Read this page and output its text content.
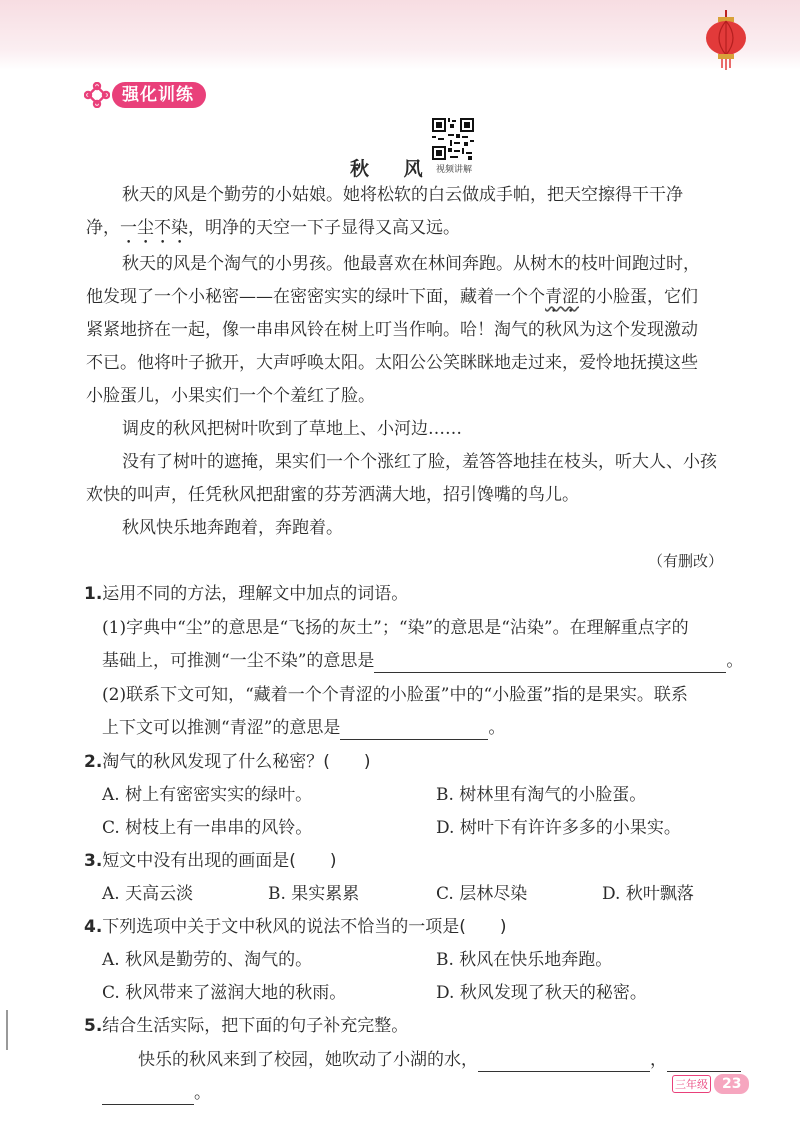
强化训练
视频讲解
秋 风
秋天的风是个勤劳的小姑娘。她将松软的白云做成手帕，把天空擦得干干净
净，一尘不染，明净的天空一下子显得又高又远。
秋天的风是个淘气的小男孩。他最喜欢在林间奔跑。从树木的枝叶间跑过时，
他发现了一个小秘密——在密密实实的绿叶下面，藏着一个个青涩的小脸蛋，它们
紧紧地挤在一起，像一串串风铃在树上叮当作响。哈！淘气的秋风为这个发现激动
不已。他将叶子掀开，大声呼唤太阳。太阳公公笑眯眯地走过来，爱怜地抚摸这些
小脸蛋儿，小果实们一个个羞红了脸。
调皮的秋风把树叶吹到了草地上、小河边……
没有了树叶的遮掩，果实们一个个涨红了脸，羞答答地挂在枝头，听大人、小孩
欢快的叫声，任凭秋风把甜蜜的芬芳洒满大地，招引馋嘴的鸟儿。
秋风快乐地奔跑着，奔跑着。
（有删改）
1.运用不同的方法，理解文中加点的词语。
(1)字典中“尘”的意思是“飞扬的灰土”；“染”的意思是“沾染”。在理解重点字的
基础上，可推测“一尘不染”的意思是	。
(2)联系下文可知，“藏着一个个青涩的小脸蛋”中的“小脸蛋”指的是果实。联系
上下文可以推测“青涩”的意思是	。
2.淘气的秋风发现了什么秘密？(　　)
A. 树上有密密实实的绿叶。	B. 树林里有淘气的小脸蛋。
C. 树枝上有一串串的风铃。	D. 树叶下有许许多多的小果实。
3.短文中没有出现的画面是(　　)
A. 天高云淡	B. 果实累累	C. 层林尽染	D. 秋叶飘落
4.下列选项中关于文中秋风的说法不恰当的一项是(　　)
A. 秋风是勤劳的、淘气的。	B. 秋风在快乐地奔跑。
C. 秋风带来了滋润大地的秋雨。	D. 秋风发现了秋天的秘密。
5.结合生活实际，把下面的句子补充完整。
快乐的秋风来到了校园，她吹动了小湖的水，	，
。	三年级	23
